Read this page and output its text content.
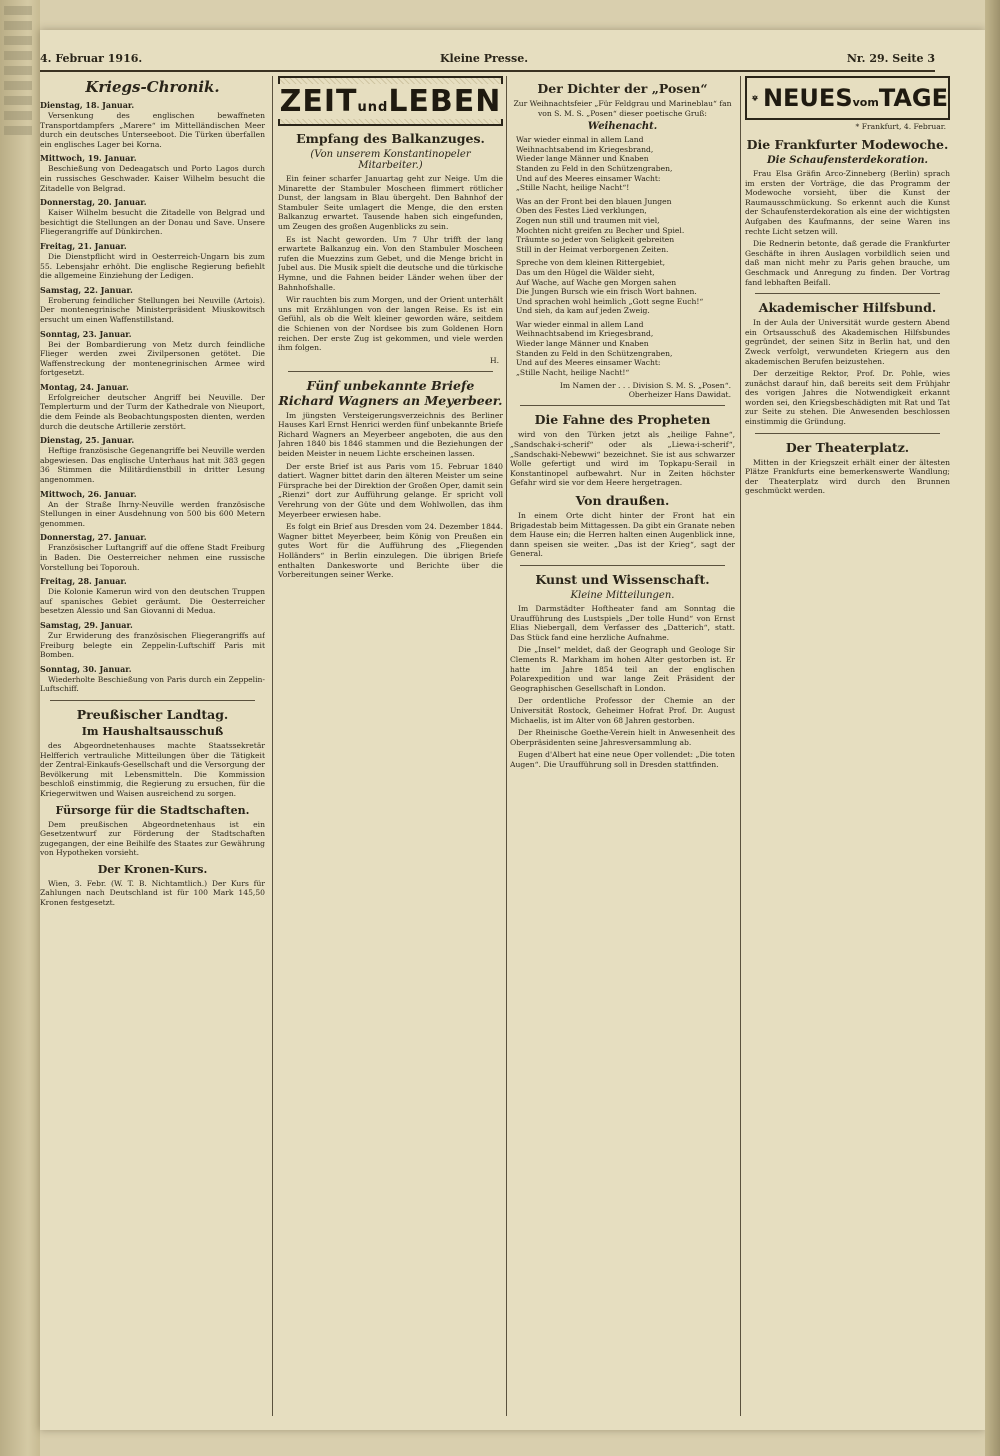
4. Februar 1916.	Kleine Presse.	Nr. 29. Seite 3
Kriegs-Chronik.
Dienstag, 18. Januar.

Versenkung des englischen bewaffneten Transportdampfers „Marere“ im Mittelländischen Meer durch ein deutsches Unterseeboot. Die Türken überfallen ein englisches Lager bei Korna.

Mittwoch, 19. Januar.

Beschießung von Dedeagatsch und Porto Lagos durch ein russisches Geschwader. Kaiser Wilhelm besucht die Zitadelle von Belgrad.

Donnerstag, 20. Januar.

Kaiser Wilhelm besucht die Zitadelle von Belgrad und besichtigt die Stellungen an der Donau und Save. Unsere Fliegerangriffe auf Dünkirchen.

Freitag, 21. Januar.

Die Dienstpflicht wird in Oesterreich-Ungarn bis zum 55. Lebensjahr erhöht. Die englische Regierung befiehlt die allgemeine Einziehung der Ledigen.

Samstag, 22. Januar.

Eroberung feindlicher Stellungen bei Neuville (Artois). Der montenegrinische Ministerpräsident Miuskowitsch ersucht um einen Waffenstillstand.

Sonntag, 23. Januar.

Bei der Bombardierung von Metz durch feindliche Flieger werden zwei Zivilpersonen getötet. Die Waffenstreckung der montenegrinischen Armee wird fortgesetzt.

Montag, 24. Januar.

Erfolgreicher deutscher Angriff bei Neuville. Der Templerturm und der Turm der Kathedrale von Nieuport, die dem Feinde als Beobachtungsposten dienten, werden durch die deutsche Artillerie zerstört.

Dienstag, 25. Januar.

Heftige französische Gegenangriffe bei Neuville werden abgewiesen. Das englische Unterhaus hat mit 383 gegen 36 Stimmen die Militärdienstbill in dritter Lesung angenommen.

Mittwoch, 26. Januar.

An der Straße Ihrny-Neuville werden französische Stellungen in einer Ausdehnung von 500 bis 600 Metern genommen.

Donnerstag, 27. Januar.

Französischer Luftangriff auf die offene Stadt Freiburg in Baden. Die Oesterreicher nehmen eine russische Vorstellung bei Toporouh.

Freitag, 28. Januar.

Die Kolonie Kamerun wird von den deutschen Truppen auf spanisches Gebiet geräumt. Die Oesterreicher besetzen Alessio und San Giovanni di Medua.

Samstag, 29. Januar.

Zur Erwiderung des französischen Fliegerangriffs auf Freiburg belegte ein Zeppelin-Luftschiff Paris mit Bomben.

Sonntag, 30. Januar.

Wiederholte Beschießung von Paris durch ein Zeppelin-Luftschiff.

Preußischer Landtag.
Im Haushaltsausschuß

des Abgeordnetenhauses machte Staatssekretär Helfferich vertrauliche Mitteilungen über die Tätigkeit der Zentral-Einkaufs-Gesellschaft und die Versorgung der Bevölkerung mit Lebensmitteln. Die Kommission beschloß einstimmig, die Regierung zu ersuchen, für die Kriegerwitwen und Waisen ausreichend zu sorgen.

Fürsorge für die Stadtschaften.

Dem preußischen Abgeordnetenhaus ist ein Gesetzentwurf zur Förderung der Stadtschaften zugegangen, der eine Beihilfe des Staates zur Gewährung von Hypotheken vorsieht.

Der Kronen-Kurs.

Wien, 3. Febr. (W. T. B. Nichtamtlich.) Der Kurs für Zahlungen nach Deutschland ist für 100 Mark 145,50 Kronen festgesetzt.

ZEITundLEBEN
Empfang des Balkanzuges.
(Von unserem Konstantinopeler Mitarbeiter.)

Ein feiner scharfer Januartag geht zur Neige. Um die Minarette der Stambuler Moscheen flimmert rötlicher Dunst, der langsam in Blau übergeht. Den Bahnhof der Stambuler Seite umlagert die Menge, die den ersten Balkanzug erwartet. Tausende haben sich eingefunden, um Zeugen des großen Augenblicks zu sein.

Es ist Nacht geworden. Um 7 Uhr trifft der lang erwartete Balkanzug ein. Von den Stambuler Moscheen rufen die Muezzins zum Gebet, und die Menge bricht in Jubel aus. Die Musik spielt die deutsche und die türkische Hymne, und die Fahnen beider Länder wehen über der Bahnhofshalle.

Wir rauchten bis zum Morgen, und der Orient unterhält uns mit Erzählungen von der langen Reise. Es ist ein Gefühl, als ob die Welt kleiner geworden wäre, seitdem die Schienen von der Nordsee bis zum Goldenen Horn reichen. Der erste Zug ist gekommen, und viele werden ihm folgen.

H.
Fünf unbekannte Briefe Richard Wagners an Meyerbeer.

Im jüngsten Versteigerungsverzeichnis des Berliner Hauses Karl Ernst Henrici werden fünf unbekannte Briefe Richard Wagners an Meyerbeer angeboten, die aus den Jahren 1840 bis 1846 stammen und die Beziehungen der beiden Meister in neuem Lichte erscheinen lassen.

Der erste Brief ist aus Paris vom 15. Februar 1840 datiert. Wagner bittet darin den älteren Meister um seine Fürsprache bei der Direktion der Großen Oper, damit sein „Rienzi“ dort zur Aufführung gelange. Er spricht voll Verehrung von der Güte und dem Wohlwollen, das ihm Meyerbeer erwiesen habe.

Es folgt ein Brief aus Dresden vom 24. Dezember 1844. Wagner bittet Meyerbeer, beim König von Preußen ein gutes Wort für die Aufführung des „Fliegenden Holländers“ in Berlin einzulegen. Die übrigen Briefe enthalten Dankesworte und Berichte über die Vorbereitungen seiner Werke.

Der Dichter der „Posen“

Zur Weihnachtsfeier „Für Feldgrau und Marineblau“ fan von S. M. S. „Posen“ dieser poetische Gruß:

Weihenacht.
War wieder einmal in allem Land
Weihnachtsabend im Kriegesbrand,
Wieder lange Männer und Knaben
Standen zu Feld in den Schützengraben,
Und auf des Meeres einsamer Wacht:
„Stille Nacht, heilige Nacht“!
Was an der Front bei den blauen Jungen
Oben des Festes Lied verklungen,
Zogen nun still und traumen mit viel,
Mochten nicht greifen zu Becher und Spiel.
Träumte so jeder von Seligkeit gebreiten
Still in der Heimat verborgenen Zeiten.
Spreche von dem kleinen Rittergebiet,
Das um den Hügel die Wälder sieht,
Auf Wache, auf Wache gen Morgen sahen
Die Jungen Bursch wie ein frisch Wort bahnen.
Und sprachen wohl heimlich „Gott segne Euch!“
Und sieh, da kam auf jeden Zweig.
War wieder einmal in allem Land
Weihnachtsabend im Kriegesbrand,
Wieder lange Männer und Knaben
Standen zu Feld in den Schützengraben,
Und auf des Meeres einsamer Wacht:
„Stille Nacht, heilige Nacht!“
Im Namen der . . . Division S. M. S. „Posen“.
Oberheizer Hans Dawidat.
Die Fahne des Propheten

wird von den Türken jetzt als „heilige Fahne“, „Sandschak-i-scherif“ oder als „Liewa-i-scherif“, „Sandschaki-Nebewwi“ bezeichnet. Sie ist aus schwarzer Wolle gefertigt und wird im Topkapu-Serail in Konstantinopel aufbewahrt. Nur in Zeiten höchster Gefahr wird sie vor dem Heere hergetragen.

Von draußen.

In einem Orte dicht hinter der Front hat ein Brigadestab beim Mittagessen. Da gibt ein Granate neben dem Hause ein; die Herren halten einen Augenblick inne, dann speisen sie weiter. „Das ist der Krieg“, sagt der General.

Kunst und Wissenschaft.
Kleine Mitteilungen.

Im Darmstädter Hoftheater fand am Sonntag die Uraufführung des Lustspiels „Der tolle Hund“ von Ernst Elias Niebergall, dem Verfasser des „Datterich“, statt. Das Stück fand eine herzliche Aufnahme.

Die „Insel“ meldet, daß der Geograph und Geologe Sir Clements R. Markham im hohen Alter gestorben ist. Er hatte im Jahre 1854 teil an der englischen Polarexpedition und war lange Zeit Präsident der Geographischen Gesellschaft in London.

Der ordentliche Professor der Chemie an der Universität Rostock, Geheimer Hofrat Prof. Dr. August Michaelis, ist im Alter von 68 Jahren gestorben.

Der Rheinische Goethe-Verein hielt in Anwesenheit des Oberpräsidenten seine Jahresversammlung ab.

Eugen d'Albert hat eine neue Oper vollendet: „Die toten Augen“. Die Uraufführung soll in Dresden stattfinden.

NEUESvomTAGE
* Frankfurt, 4. Februar.
Die Frankfurter Modewoche.
Die Schaufensterdekoration.

Frau Elsa Gräfin Arco-Zinneberg (Berlin) sprach im ersten der Vorträge, die das Programm der Modewoche vorsieht, über die Kunst der Raumausschmückung. So erkennt auch die Kunst der Schaufensterdekoration als eine der wichtigsten Aufgaben des Kaufmanns, der seine Waren ins rechte Licht setzen will.

Die Rednerin betonte, daß gerade die Frankfurter Geschäfte in ihren Auslagen vorbildlich seien und daß man nicht mehr zu Paris gehen brauche, um Geschmack und Anregung zu finden. Der Vortrag fand lebhaften Beifall.

Akademischer Hilfsbund.

In der Aula der Universität wurde gestern Abend ein Ortsausschuß des Akademischen Hilfsbundes gegründet, der seinen Sitz in Berlin hat, und den Zweck verfolgt, verwundeten Kriegern aus den akademischen Berufen beizustehen.

Der derzeitige Rektor, Prof. Dr. Pohle, wies zunächst darauf hin, daß bereits seit dem Frühjahr des vorigen Jahres die Notwendigkeit erkannt worden sei, den Kriegsbeschädigten mit Rat und Tat zur Seite zu stehen. Die Anwesenden beschlossen einstimmig die Gründung.

Der Theaterplatz.

Mitten in der Kriegszeit erhält einer der ältesten Plätze Frankfurts eine bemerkenswerte Wandlung; der Theaterplatz wird durch den Brunnen geschmückt werden.
